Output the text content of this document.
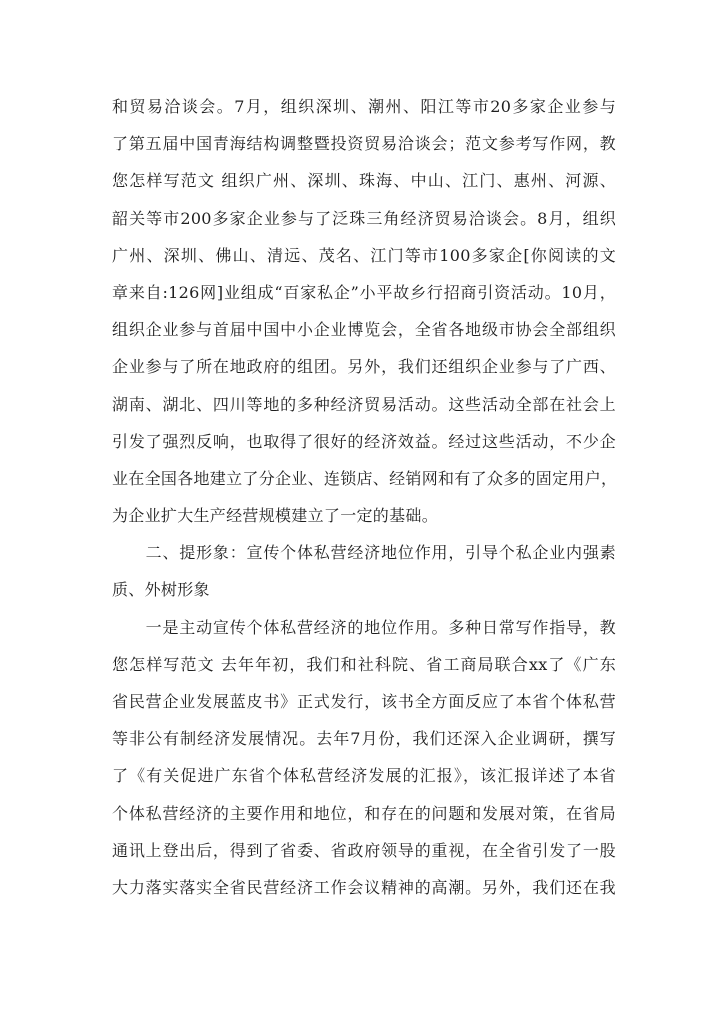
和贸易洽谈会。7月，组织深圳、潮州、阳江等市20多家企业参与
了第五届中国青海结构调整暨投资贸易洽谈会；范文参考写作网，教
您怎样写范文 组织广州、深圳、珠海、中山、江门、惠州、河源、
韶关等市200多家企业参与了泛珠三角经济贸易洽谈会。8月，组织
广州、深圳、佛山、清远、茂名、江门等市100多家企[你阅读的文
章来自:126网]业组成“百家私企”小平故乡行招商引资活动。10月，
组织企业参与首届中国中小企业博览会，全省各地级市协会全部组织
企业参与了所在地政府的组团。另外，我们还组织企业参与了广西、
湖南、湖北、四川等地的多种经济贸易活动。这些活动全部在社会上
引发了强烈反响，也取得了很好的经济效益。经过这些活动，不少企
业在全国各地建立了分企业、连锁店、经销网和有了众多的固定用户，
为企业扩大生产经营规模建立了一定的基础。
　　二、提形象：宣传个体私营经济地位作用，引导个私企业内强素
质、外树形象
　　一是主动宣传个体私营经济的地位作用。多种日常写作指导，教
您怎样写范文 去年年初，我们和社科院、省工商局联合xx了《广东
省民营企业发展蓝皮书》正式发行，该书全方面反应了本省个体私营
等非公有制经济发展情况。去年7月份，我们还深入企业调研，撰写
了《有关促进广东省个体私营经济发展的汇报》，该汇报详述了本省
个体私营经济的主要作用和地位，和存在的问题和发展对策，在省局
通讯上登出后，得到了省委、省政府领导的重视，在全省引发了一股
大力落实落实全省民营经济工作会议精神的高潮。另外，我们还在我
